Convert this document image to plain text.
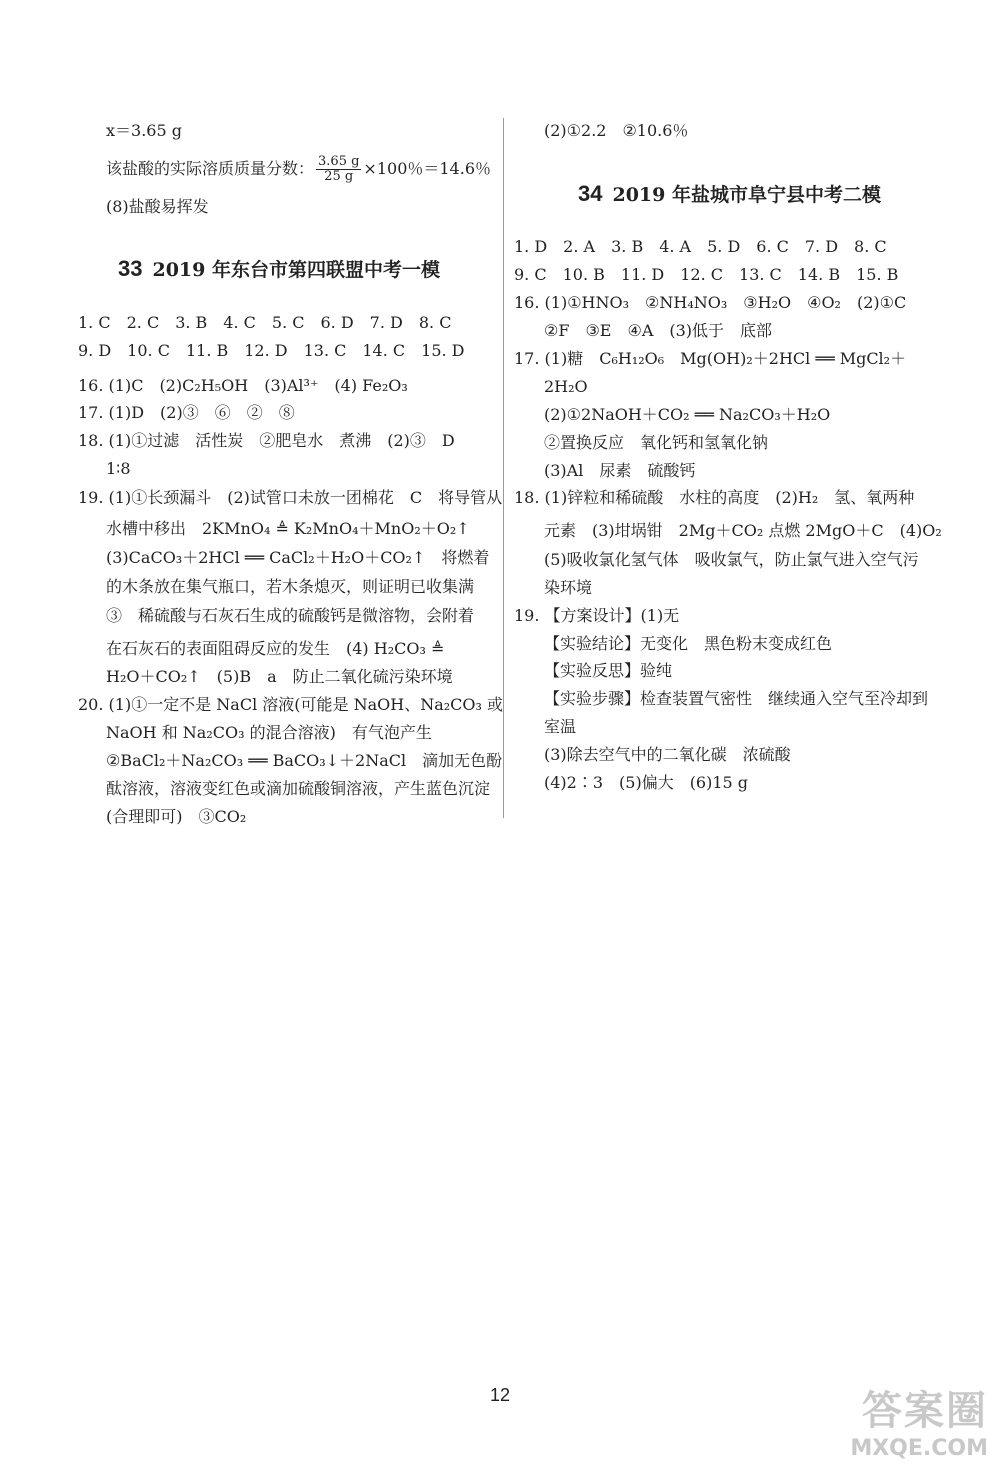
x＝3.65 g
该盐酸的实际溶质质量分数： $\frac{3.65 g}{25 g} \times 100$％＝14.6％
(8)盐酸易挥发
33 2019 年东台市第四联盟中考一模
1. C　2. C　3. B　4. C　5. C　6. D　7. D　8. C
9. D　10. C　11. B　12. D　13. C　14. C　15. D
16. (1)C　(2)C₂H₅OH　(3)Al³⁺　(4) Fe₂O₃
17. (1)D　(2)③　⑥　②　⑧
18. (1)①过滤　活性炭　②肥皂水　煮沸　(2)③　D
1∶8
19. (1)①长颈漏斗　(2)试管口未放一团棉花　C　将导管从
水槽中移出　2KMnO₄ ≜ K₂MnO₄＋MnO₂＋O₂↑
(3)CaCO₃＋2HCl ══ CaCl₂＋H₂O＋CO₂↑　将燃着
的木条放在集气瓶口，若木条熄灭，则证明已收集满
③　稀硫酸与石灰石生成的硫酸钙是微溶物，会附着
在石灰石的表面阻碍反应的发生　(4) H₂CO₃ ≜
H₂O＋CO₂↑　(5)B　a　防止二氧化硫污染环境
20. (1)①一定不是 NaCl 溶液(可能是 NaOH、Na₂CO₃ 或
NaOH 和 Na₂CO₃ 的混合溶液)　有气泡产生
②BaCl₂＋Na₂CO₃ ══ BaCO₃↓＋2NaCl　滴加无色酚
酞溶液，溶液变红色或滴加硫酸铜溶液，产生蓝色沉淀
(合理即可)　③CO₂
(2)①2.2　②10.6％
34 2019 年盐城市阜宁县中考二模
1. D　2. A　3. B　4. A　5. D　6. C　7. D　8. C
9. C　10. B　11. D　12. C　13. C　14. B　15. B
16. (1)①HNO₃　②NH₄NO₃　③H₂O　④O₂　(2)①C
②F　③E　④A　(3)低于　底部
17. (1)糖　C₆H₁₂O₆　Mg(OH)₂＋2HCl ══ MgCl₂＋
2H₂O
(2)①2NaOH＋CO₂ ══ Na₂CO₃＋H₂O
②置换反应　氧化钙和氢氧化钠
(3)Al　尿素　硫酸钙
18. (1)锌粒和稀硫酸　水柱的高度　(2)H₂　氢、氧两种
元素　(3)坩埚钳　2Mg＋CO₂ 点燃 2MgO＋C　(4)O₂
(5)吸收氯化氢气体　吸收氯气，防止氯气进入空气污
染环境
19. 【方案设计】(1)无
【实验结论】无变化　黑色粉末变成红色
【实验反思】验纯
【实验步骤】检查装置气密性　继续通入空气至冷却到
室温
(3)除去空气中的二氧化碳　浓硫酸
(4)2∶3　(5)偏大　(6)15 g
12	答案圈
MXQE.COM
